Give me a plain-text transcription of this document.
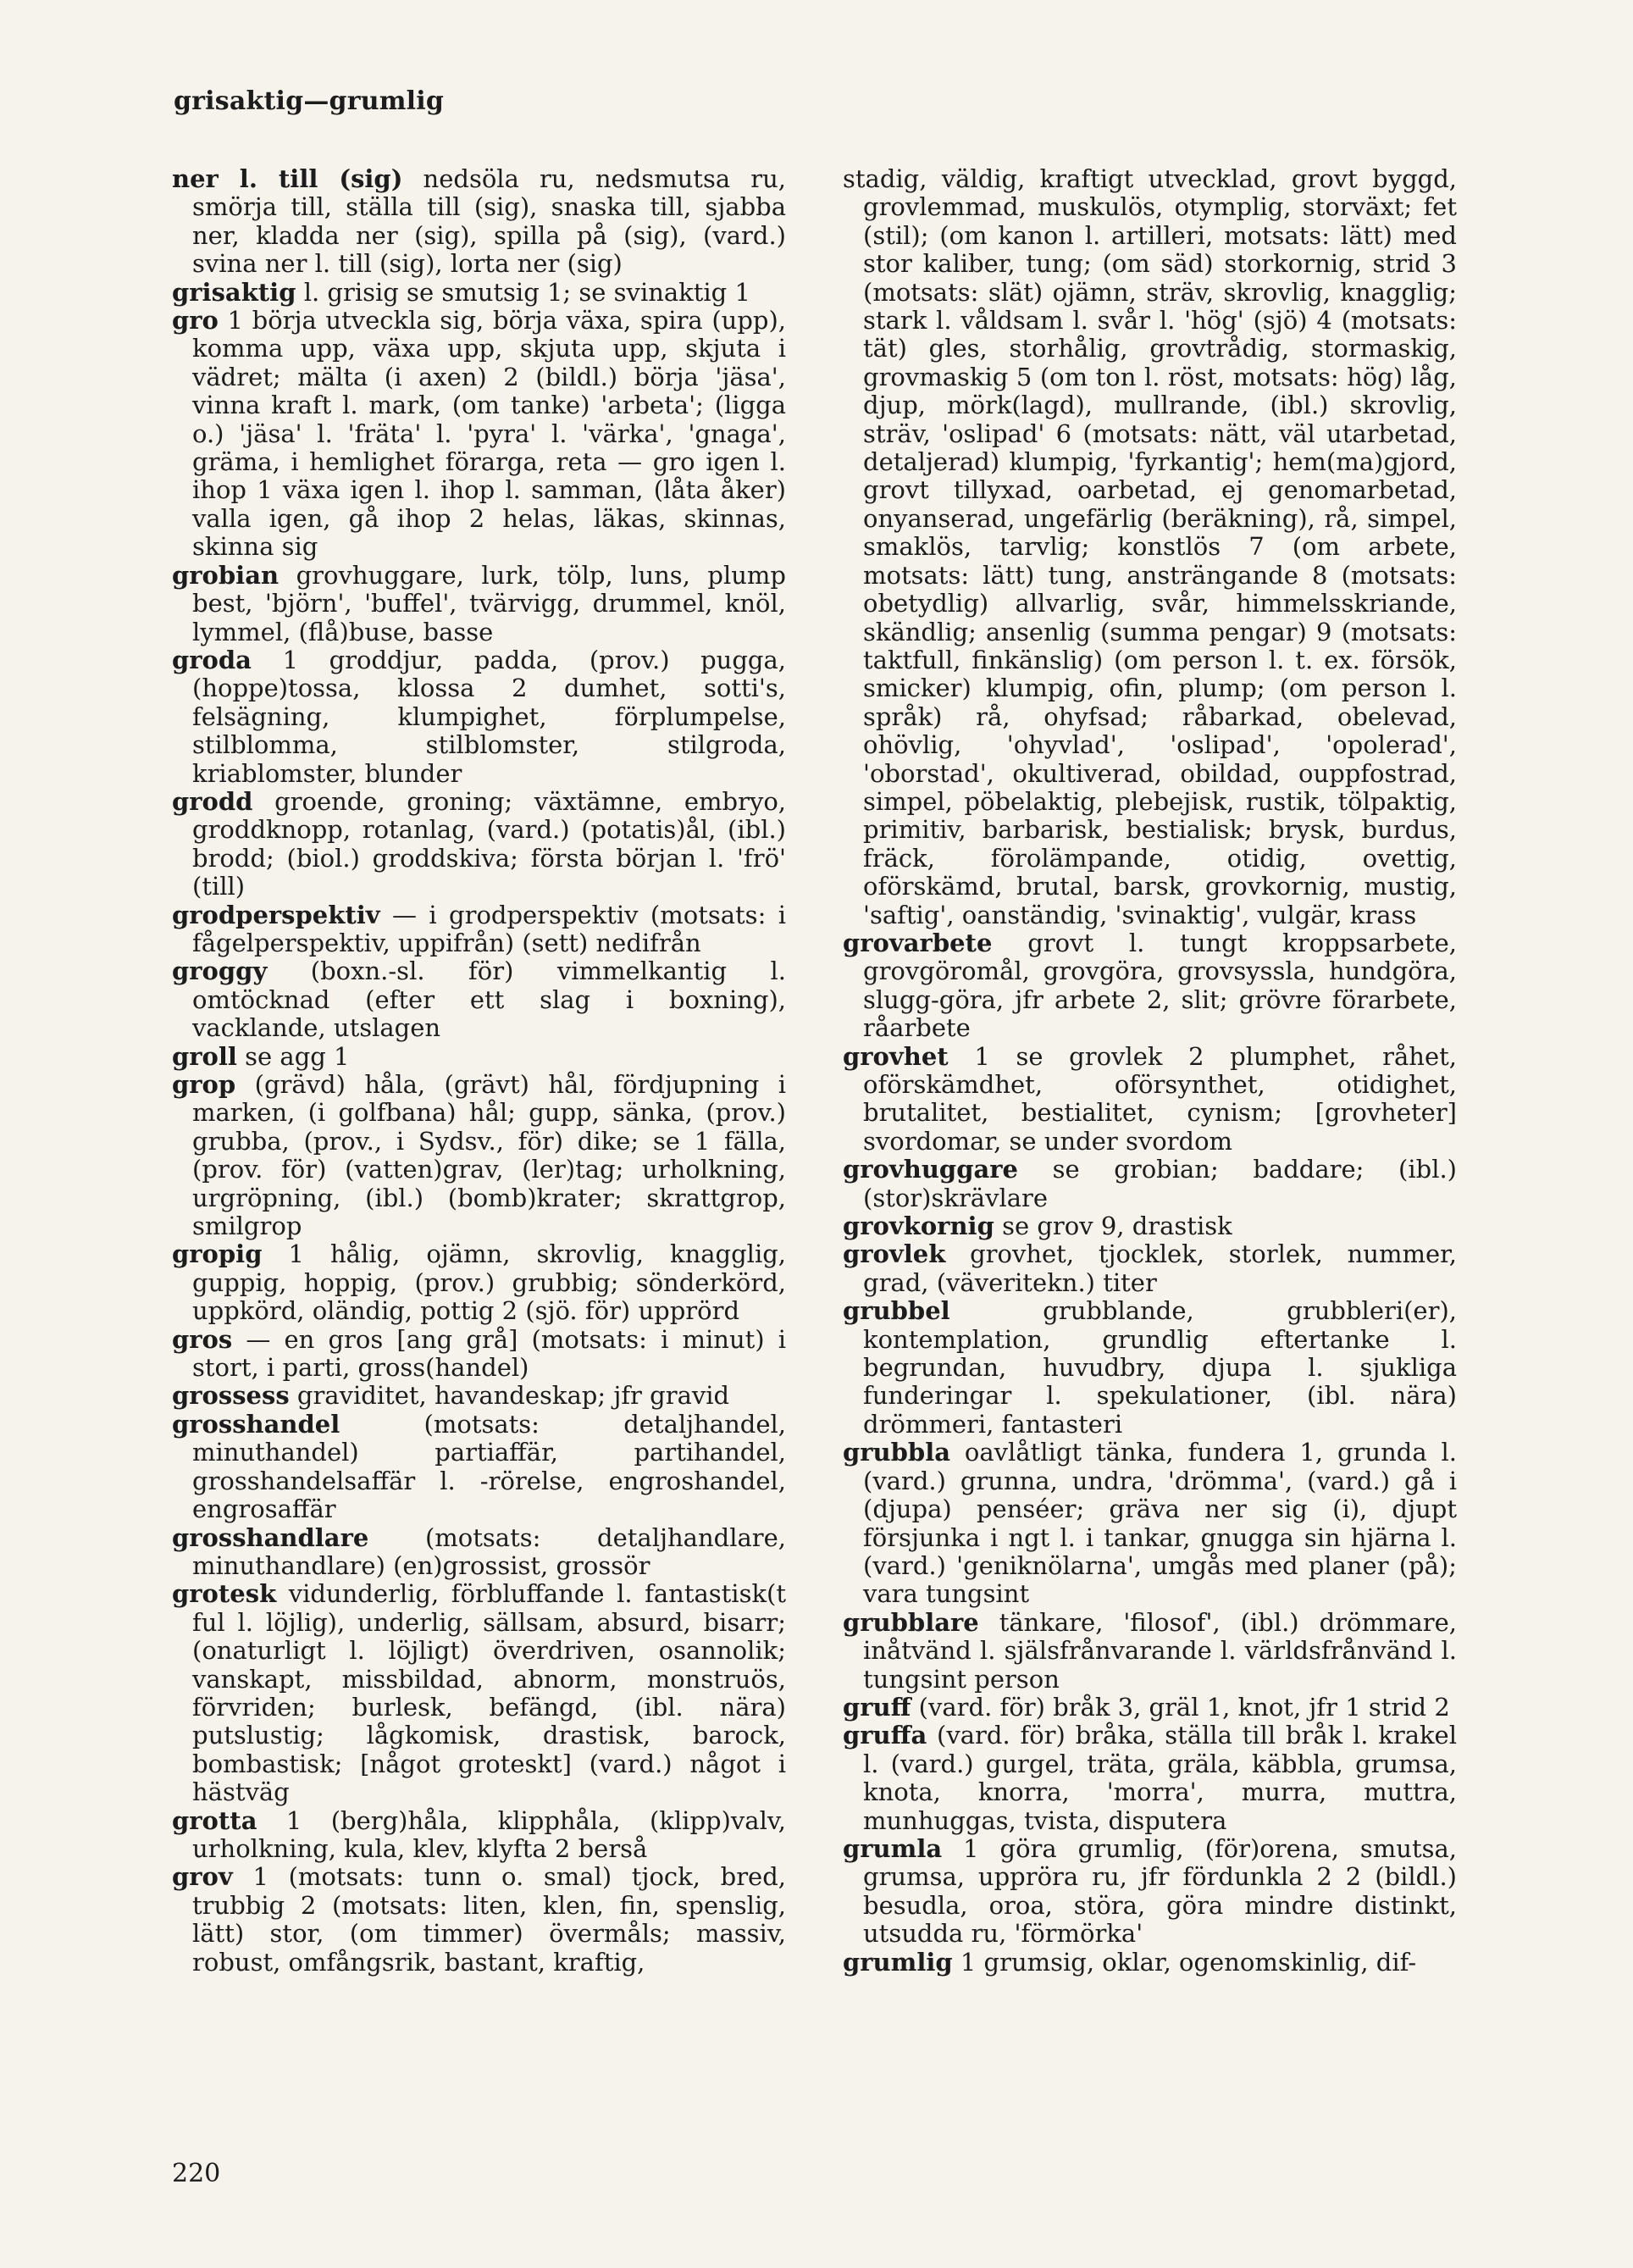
grisaktig—grumlig

ner l. till (sig) nedsöla ru, nedsmutsa ru, smörja till, ställa till (sig), snaska till, sjabba ner, kladda ner (sig), spilla på (sig), (vard.) svina ner l. till (sig), lorta ner (sig)

grisaktig l. grisig se smutsig 1; se svinaktig 1

gro 1 börja utveckla sig, börja växa, spira (upp), komma upp, växa upp, skjuta upp, skjuta i vädret; mälta (i axen) 2 (bildl.) börja 'jäsa', vinna kraft l. mark, (om tanke) 'arbeta'; (ligga o.) 'jäsa' l. 'fräta' l. 'pyra' l. 'värka', 'gnaga', gräma, i hemlighet förarga, reta — gro igen l. ihop 1 växa igen l. ihop l. samman, (låta åker) valla igen, gå ihop 2 helas, läkas, skinnas, skinna sig

grobian grovhuggare, lurk, tölp, luns, plump best, 'björn', 'buffel', tvärvigg, drummel, knöl, lymmel, (flå)buse, basse

groda 1 groddjur, padda, (prov.) pugga, (hoppe)tossa, klossa 2 dumhet, sotti's, felsägning, klumpighet, förplumpelse, stilblomma, stilblomster, stilgroda, kriablomster, blunder

grodd groende, groning; växtämne, embryo, groddknopp, rotanlag, (vard.) (potatis)ål, (ibl.) brodd; (biol.) groddskiva; första början l. 'frö' (till)

grodperspektiv — i grodperspektiv (motsats: i fågelperspektiv, uppifrån) (sett) nedifrån

groggy (boxn.-sl. för) vimmelkantig l. omtöcknad (efter ett slag i boxning), vacklande, utslagen

groll se agg 1

grop (grävd) håla, (grävt) hål, fördjupning i marken, (i golfbana) hål; gupp, sänka, (prov.) grubba, (prov., i Sydsv., för) dike; se 1 fälla, (prov. för) (vatten)grav, (ler)tag; urholkning, urgröpning, (ibl.) (bomb)krater; skrattgrop, smilgrop

gropig 1 hålig, ojämn, skrovlig, knagglig, guppig, hoppig, (prov.) grubbig; sönderkörd, uppkörd, oländig, pottig 2 (sjö. för) upprörd

gros — en gros [ang grå] (motsats: i minut) i stort, i parti, gross(handel)

grossess graviditet, havandeskap; jfr gravid

grosshandel	(motsats: detaljhandel, minuthandel) partiaffär, partihandel, grosshandelsaffär l. -rörelse, engroshandel, engrosaffär

grosshandlare (motsats: detaljhandlare, minuthandlare) (en)grossist, grossör

grotesk vidunderlig, förbluffande l. fantastisk(t ful l. löjlig), underlig, sällsam, absurd, bisarr; (onaturligt l. löjligt) överdriven, osannolik; vanskapt, missbildad, abnorm, monstruös, förvriden; burlesk, befängd, (ibl. nära) putslustig; lågkomisk, drastisk, barock, bombastisk; [något groteskt] (vard.) något i hästväg

grotta 1 (berg)håla, klipphåla, (klipp)valv, urholkning, kula, klev, klyfta 2 berså

grov 1 (motsats: tunn o. smal) tjock, bred, trubbig 2 (motsats: liten, klen, fin, spenslig, lätt) stor, (om timmer) övermåls; massiv, robust, omfångsrik, bastant, kraftig,

stadig, väldig, kraftigt utvecklad, grovt byggd, grovlemmad, muskulös, otymplig, storväxt; fet (stil); (om kanon l. artilleri, motsats: lätt) med stor kaliber, tung; (om säd) storkornig, strid 3 (motsats: slät) ojämn, sträv, skrovlig, knagglig; stark l. våldsam l. svår l. 'hög' (sjö) 4 (motsats: tät) gles, storhålig, grovtrådig, stormaskig, grovmaskig 5 (om ton l. röst, motsats: hög) låg, djup, mörk(lagd), mullrande, (ibl.) skrovlig, sträv, 'oslipad' 6 (motsats: nätt, väl utarbetad, detaljerad) klumpig, 'fyrkantig'; hem(ma)gjord, grovt tillyxad, oarbetad, ej genomarbetad, onyanserad, ungefärlig (beräkning), rå, simpel, smaklös, tarvlig; konstlös 7 (om arbete, motsats: lätt) tung, ansträngande 8 (motsats: obetydlig) allvarlig, svår, himmelsskriande, skändlig; ansenlig (summa pengar) 9 (motsats: taktfull, finkänslig) (om person l. t. ex. försök, smicker) klumpig, ofin, plump; (om person l. språk) rå, ohyfsad; råbarkad, obelevad, ohövlig, 'ohyvlad', 'oslipad', 'opolerad', 'oborstad', okultiverad, obildad, ouppfostrad, simpel, pöbelaktig, plebejisk, rustik, tölpaktig, primitiv, barbarisk, bestialisk; brysk, burdus, fräck, förolämpande, otidig, ovettig, oförskämd, brutal, barsk, grovkornig, mustig, 'saftig', oanständig, 'svinaktig', vulgär, krass

grovarbete grovt l. tungt kroppsarbete, grovgöromål, grovgöra, grovsyssla, hundgöra, slugg-göra, jfr arbete 2, slit; grövre förarbete, råarbete

grovhet 1 se grovlek 2 plumphet, råhet, oförskämdhet, oförsynthet, otidighet, brutalitet, bestialitet, cynism; [grovheter] svordomar, se under svordom

grovhuggare se grobian; baddare; (ibl.) (stor)skrävlare

grovkornig se grov 9, drastisk

grovlek grovhet, tjocklek, storlek, nummer, grad, (väveritekn.) titer

grubbel	grubblande, grubbleri(er), kontemplation, grundlig eftertanke l. begrundan, huvudbry, djupa l. sjukliga funderingar l. spekulationer, (ibl. nära) drömmeri, fantasteri

grubbla oavlåtligt tänka, fundera 1, grunda l. (vard.) grunna, undra, 'drömma', (vard.) gå i (djupa) penséer; gräva ner sig (i), djupt försjunka i ngt l. i tankar, gnugga sin hjärna l. (vard.) 'geniknölarna', umgås med planer (på); vara tungsint

grubblare tänkare, 'filosof', (ibl.) drömmare, inåtvänd l. själsfrånvarande l. världsfrånvänd l. tungsint person

gruff (vard. för) bråk 3, gräl 1, knot, jfr 1 strid 2

gruffa (vard. för) bråka, ställa till bråk l. krakel l. (vard.) gurgel, träta, gräla, käbbla, grumsa, knota, knorra, 'morra', murra, muttra, munhuggas, tvista, disputera

grumla 1 göra grumlig, (för)orena, smutsa, grumsa, uppröra ru, jfr fördunkla 2 2 (bildl.) besudla, oroa, störa, göra mindre distinkt, utsudda ru, 'förmörka'

grumlig 1 grumsig, oklar, ogenomskinlig, dif-

220
